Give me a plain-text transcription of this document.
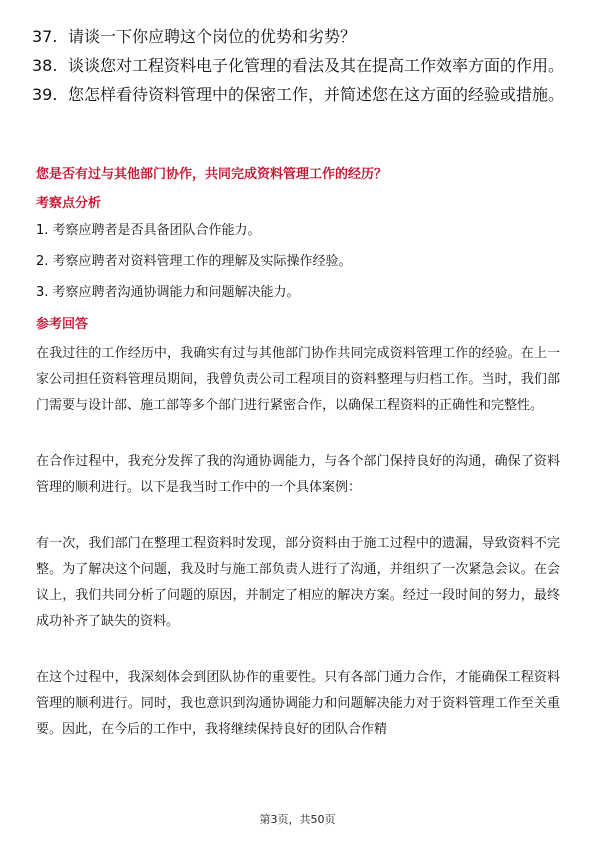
37. 请谈一下你应聘这个岗位的优势和劣势？
38. 谈谈您对工程资料电子化管理的看法及其在提高工作效率方面的作用。
39. 您怎样看待资料管理中的保密工作，并简述您在这方面的经验或措施。
您是否有过与其他部门协作，共同完成资料管理工作的经历？
考察点分析
1. 考察应聘者是否具备团队合作能力。
2. 考察应聘者对资料管理工作的理解及实际操作经验。
3. 考察应聘者沟通协调能力和问题解决能力。
参考回答

在我过往的工作经历中，我确实有过与其他部门协作共同完成资料管理工作的经验。在上一家公司担任资料管理员期间，我曾负责公司工程项目的资料整理与归档工作。当时，我们部门需要与设计部、施工部等多个部门进行紧密合作，以确保工程资料的正确性和完整性。

在合作过程中，我充分发挥了我的沟通协调能力，与各个部门保持良好的沟通，确保了资料管理的顺利进行。以下是我当时工作中的一个具体案例：

有一次，我们部门在整理工程资料时发现，部分资料由于施工过程中的遗漏，导致资料不完整。为了解决这个问题，我及时与施工部负责人进行了沟通，并组织了一次紧急会议。在会议上，我们共同分析了问题的原因，并制定了相应的解决方案。经过一段时间的努力，最终成功补齐了缺失的资料。

在这个过程中，我深刻体会到团队协作的重要性。只有各部门通力合作，才能确保工程资料管理的顺利进行。同时，我也意识到沟通协调能力和问题解决能力对于资料管理工作至关重要。因此，在今后的工作中，我将继续保持良好的团队合作精

第3页，共50页
